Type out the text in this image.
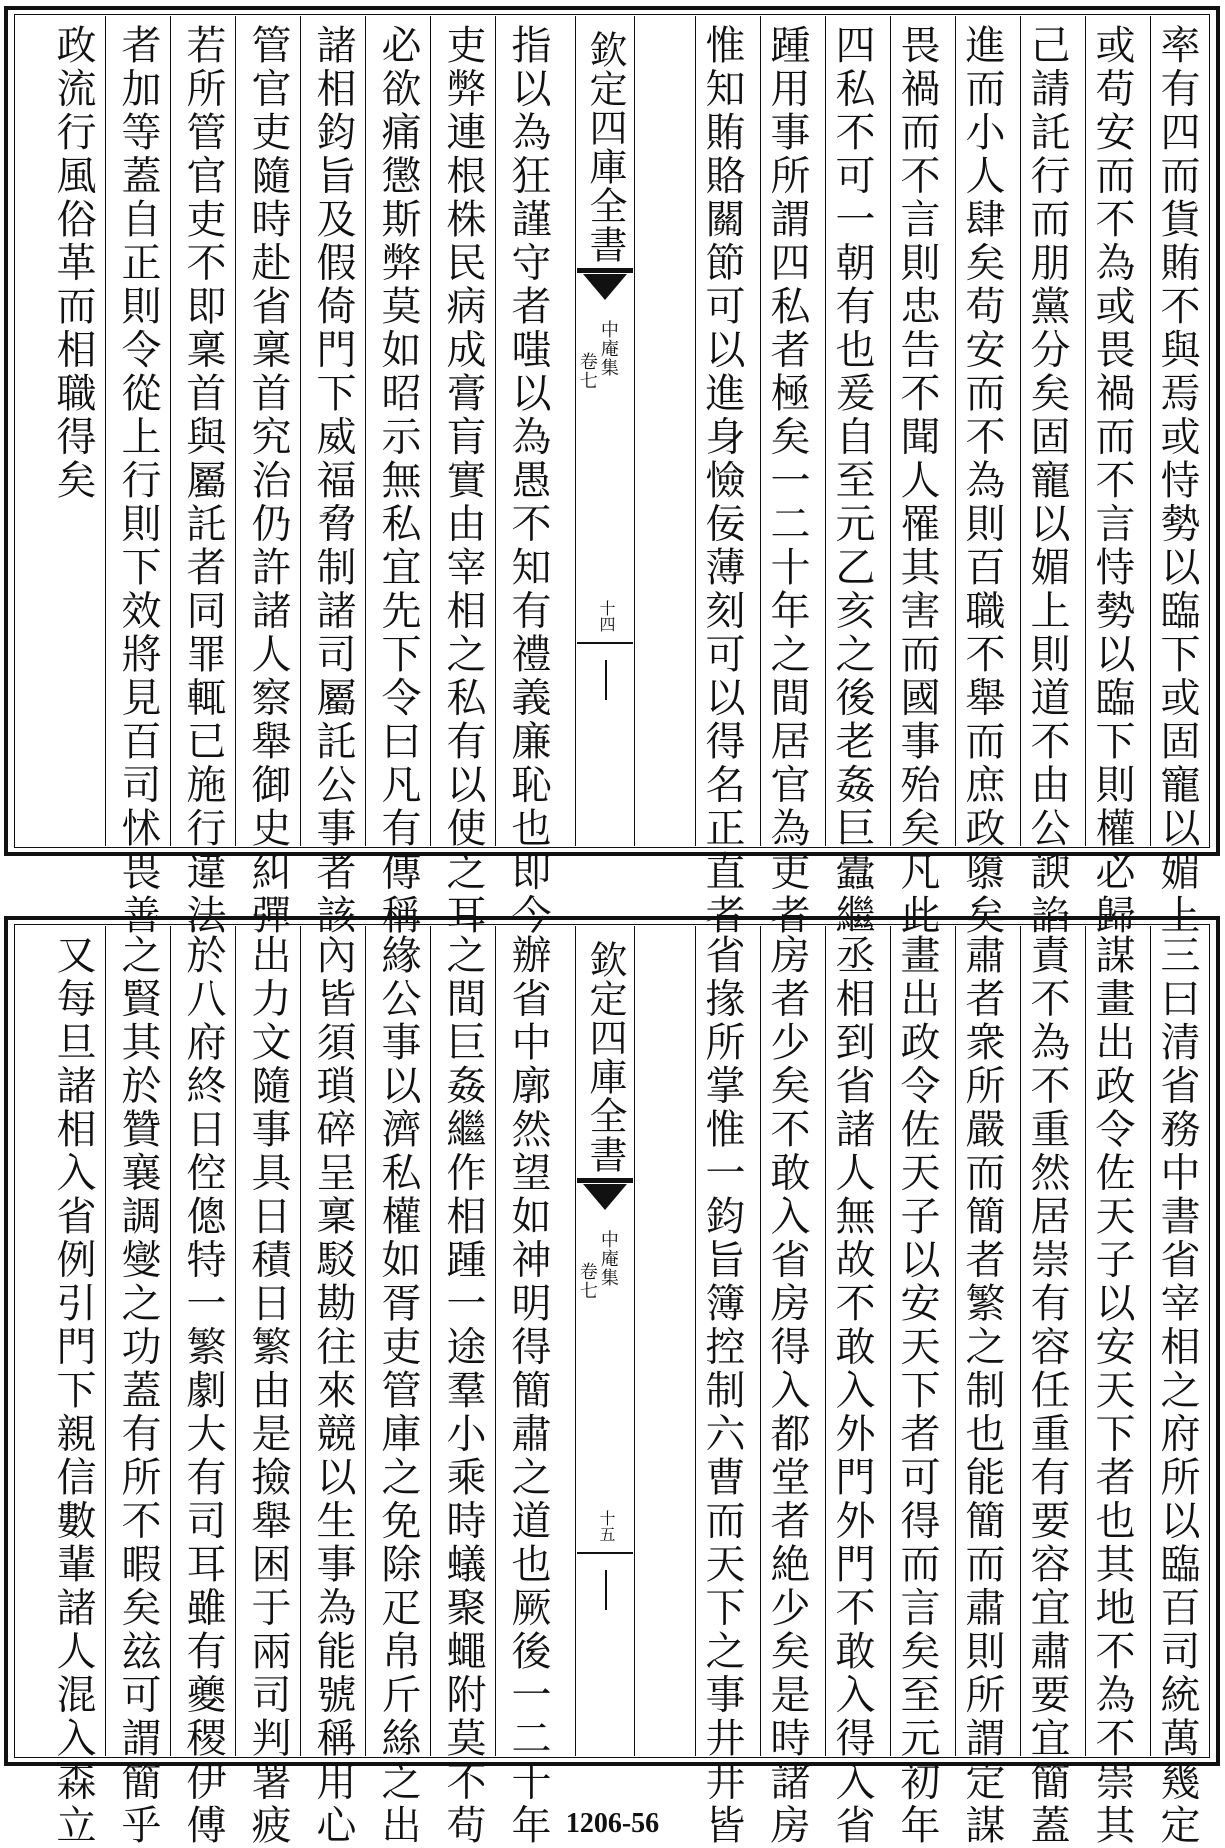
率有四而貨賄不與焉或恃勢以臨下或固寵以媚上
或苟安而不為或畏禍而不言恃勢以臨下則權必歸
己請託行而朋黨分矣固寵以媚上則道不由公諛諂
進而小人肆矣苟安而不為則百職不舉而庶政隳矣
畏禍而不言則忠告不聞人罹其害而國事殆矣凡此
四私不可一朝有也爰自至元乙亥之後老姦巨蠹繼
踵用事所謂四私者極矣一二十年之間居官為吏者
惟知賄賂關節可以進身憸佞薄刻可以得名正直者
欽定四庫全書
中庵集
卷七
十四
指以為狂謹守者嗤以為愚不知有禮義廉恥也即今
吏弊連根株民病成膏肓實由宰相之私有以使之耳
必欲痛懲斯弊莫如昭示無私宜先下令曰凡有傳稱
諸相鈞旨及假倚門下威福脅制諸司屬託公事者該
管官吏隨時赴省稟首究治仍許諸人察舉御史糾彈
若所管官吏不即稟首與屬託者同罪輒已施行違法
者加等蓋自正則令從上行則下效將見百司怵畏善
政流行風俗革而相職得矣
三曰清省務中書省宰相之府所以臨百司統萬幾定
謀畫出政令佐天子以安天下者也其地不為不崇其
責不為不重然居崇有容任重有要容宜肅要宜簡蓋
肅者衆所嚴而簡者繁之制也能簡而肅則所謂定謀
畫出政令佐天子以安天下者可得而言矣至元初年
丞相到省諸人無故不敢入外門外門不敢入得入省
房者少矣不敢入省房得入都堂者絶少矣是時諸房
省掾所掌惟一鈞旨簿控制六曹而天下之事井井皆
欽定四庫全書
中庵集
卷七
十五
辦省中廓然望如神明得簡肅之道也厥後一二十年
之間巨姦繼作相踵一途羣小乘時蟻聚蠅附莫不苟
緣公事以濟私權如胥吏管庫之免除疋帛斤絲之出
內皆須瑣碎呈稟駁勘往來競以生事為能號稱用心
出力文隨事具日積日繁由是撿舉困于兩司判署疲
於八府終日倥傯特一繁劇大有司耳雖有夔稷伊傅
之賢其於贊襄調燮之功蓋有所不暇矣玆可謂簡乎
又每旦諸相入省例引門下親信數輩諸人混入森立	1206-56
